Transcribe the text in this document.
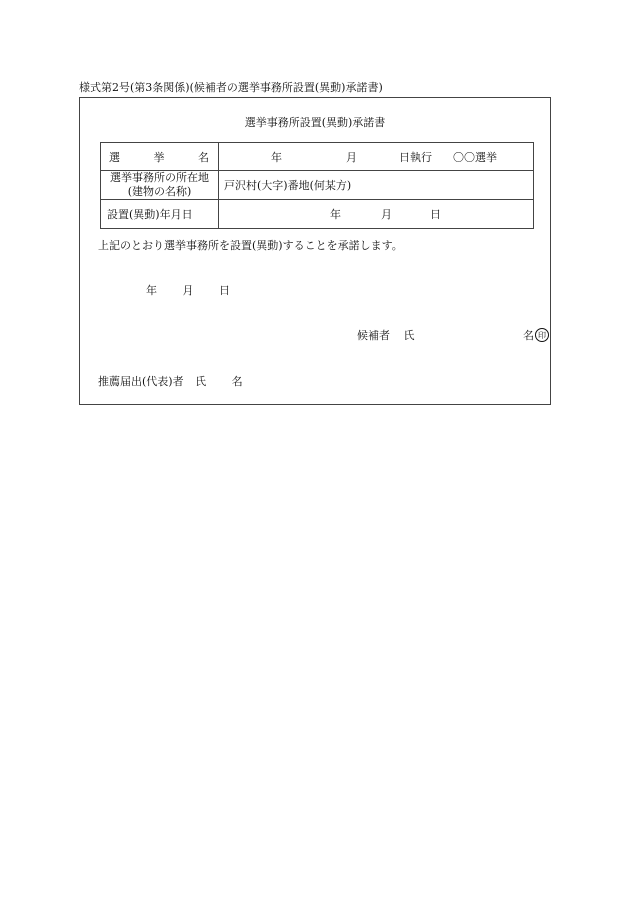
様式第2号(第3条関係)(候補者の選挙事務所設置(異動)承諾書)
選挙事務所設置(異動)承諾書
選 挙 名	年 月 日執行 〇〇選挙

選挙事務所の所在地
(建物の名称)	戸沢村(大字)番地(何某方)
設置(異動)年月日	年 月 日
上記のとおり選挙事務所を設置(異動)することを承諾します。
年 月 日
候補者 氏	名 印
推薦届出(代表)者 氏 名
